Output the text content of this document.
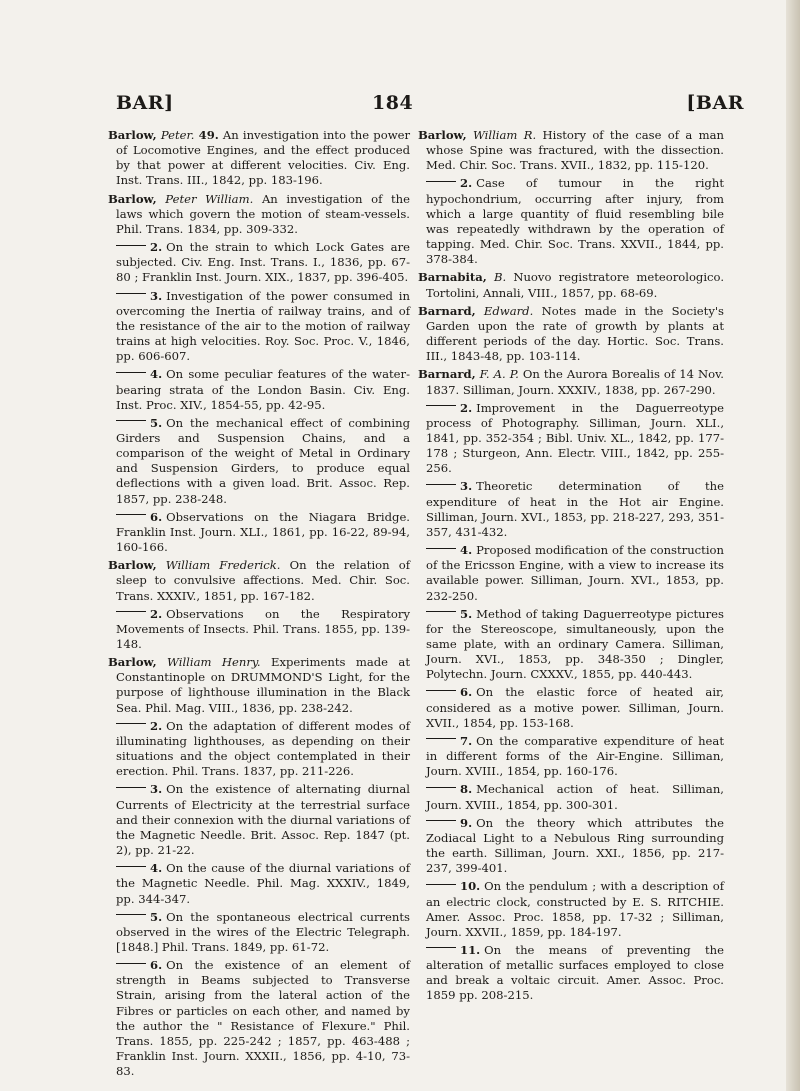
BAR]	184	[BAR

Barlow, Peter. 49. An investigation into the power of Locomotive Engines, and the effect produced by that power at different velocities. Civ. Eng. Inst. Trans. III., 1842, pp. 183-196.

Barlow, Peter William. An investigation of the laws which govern the motion of steam-vessels. Phil. Trans. 1834, pp. 309-332.

2. On the strain to which Lock Gates are subjected. Civ. Eng. Inst. Trans. I., 1836, pp. 67-80 ; Franklin Inst. Journ. XIX., 1837, pp. 396-405.

3. Investigation of the power consumed in overcoming the Inertia of railway trains, and of the resistance of the air to the motion of railway trains at high velocities. Roy. Soc. Proc. V., 1846, pp. 606-607.

4. On some peculiar features of the water-bearing strata of the London Basin. Civ. Eng. Inst. Proc. XIV., 1854-55, pp. 42-95.

5. On the mechanical effect of combining Girders and Suspension Chains, and a comparison of the weight of Metal in Ordinary and Suspension Girders, to produce equal deflections with a given load. Brit. Assoc. Rep. 1857, pp. 238-248.

6. Observations on the Niagara Bridge. Franklin Inst. Journ. XLI., 1861, pp. 16-22, 89-94, 160-166.

Barlow, William Frederick. On the relation of sleep to convulsive affections. Med. Chir. Soc. Trans. XXXIV., 1851, pp. 167-182.

2. Observations on the Respiratory Movements of Insects. Phil. Trans. 1855, pp. 139-148.

Barlow, William Henry. Experiments made at Constantinople on DRUMMOND'S Light, for the purpose of lighthouse illumination in the Black Sea. Phil. Mag. VIII., 1836, pp. 238-242.

2. On the adaptation of different modes of illuminating lighthouses, as depending on their situations and the object contemplated in their erection. Phil. Trans. 1837, pp. 211-226.

3. On the existence of alternating diurnal Currents of Electricity at the terrestrial surface and their connexion with the diurnal variations of the Magnetic Needle. Brit. Assoc. Rep. 1847 (pt. 2), pp. 21-22.

4. On the cause of the diurnal variations of the Magnetic Needle. Phil. Mag. XXXIV., 1849, pp. 344-347.

5. On the spontaneous electrical currents observed in the wires of the Electric Telegraph. [1848.] Phil. Trans. 1849, pp. 61-72.

6. On the existence of an element of strength in Beams subjected to Transverse Strain, arising from the lateral action of the Fibres or particles on each other, and named by the author the " Resistance of Flexure." Phil. Trans. 1855, pp. 225-242 ; 1857, pp. 463-488 ; Franklin Inst. Journ. XXXII., 1856, pp. 4-10, 73-83.

Barlow, William R. History of the case of a man whose Spine was fractured, with the dissection. Med. Chir. Soc. Trans. XVII., 1832, pp. 115-120.

2. Case of tumour in the right hypochondrium, occurring after injury, from which a large quantity of fluid resembling bile was repeatedly withdrawn by the operation of tapping. Med. Chir. Soc. Trans. XXVII., 1844, pp. 378-384.

Barnabita, B. Nuovo registratore meteorologico. Tortolini, Annali, VIII., 1857, pp. 68-69.

Barnard, Edward. Notes made in the Society's Garden upon the rate of growth by plants at different periods of the day. Hortic. Soc. Trans. III., 1843-48, pp. 103-114.

Barnard, F. A. P. On the Aurora Borealis of 14 Nov. 1837. Silliman, Journ. XXXIV., 1838, pp. 267-290.

2. Improvement in the Daguerreotype process of Photography. Silliman, Journ. XLI., 1841, pp. 352-354 ; Bibl. Univ. XL., 1842, pp. 177-178 ; Sturgeon, Ann. Electr. VIII., 1842, pp. 255-256.

3. Theoretic determination of the expenditure of heat in the Hot air Engine. Silliman, Journ. XVI., 1853, pp. 218-227, 293, 351-357, 431-432.

4. Proposed modification of the construction of the Ericsson Engine, with a view to increase its available power. Silliman, Journ. XVI., 1853, pp. 232-250.

5. Method of taking Daguerreotype pictures for the Stereoscope, simultaneously, upon the same plate, with an ordinary Camera. Silliman, Journ. XVI., 1853, pp. 348-350 ; Dingler, Polytechn. Journ. CXXXV., 1855, pp. 440-443.

6. On the elastic force of heated air, considered as a motive power. Silliman, Journ. XVII., 1854, pp. 153-168.

7. On the comparative expenditure of heat in different forms of the Air-Engine. Silliman, Journ. XVIII., 1854, pp. 160-176.

8. Mechanical action of heat. Silliman, Journ. XVIII., 1854, pp. 300-301.

9. On the theory which attributes the Zodiacal Light to a Nebulous Ring surrounding the earth. Silliman, Journ. XXI., 1856, pp. 217-237, 399-401.

10. On the pendulum ; with a description of an electric clock, constructed by E. S. RITCHIE. Amer. Assoc. Proc. 1858, pp. 17-32 ; Silliman, Journ. XXVII., 1859, pp. 184-197.

11. On the means of preventing the alteration of metallic surfaces employed to close and break a voltaic circuit. Amer. Assoc. Proc. 1859 pp. 208-215.
